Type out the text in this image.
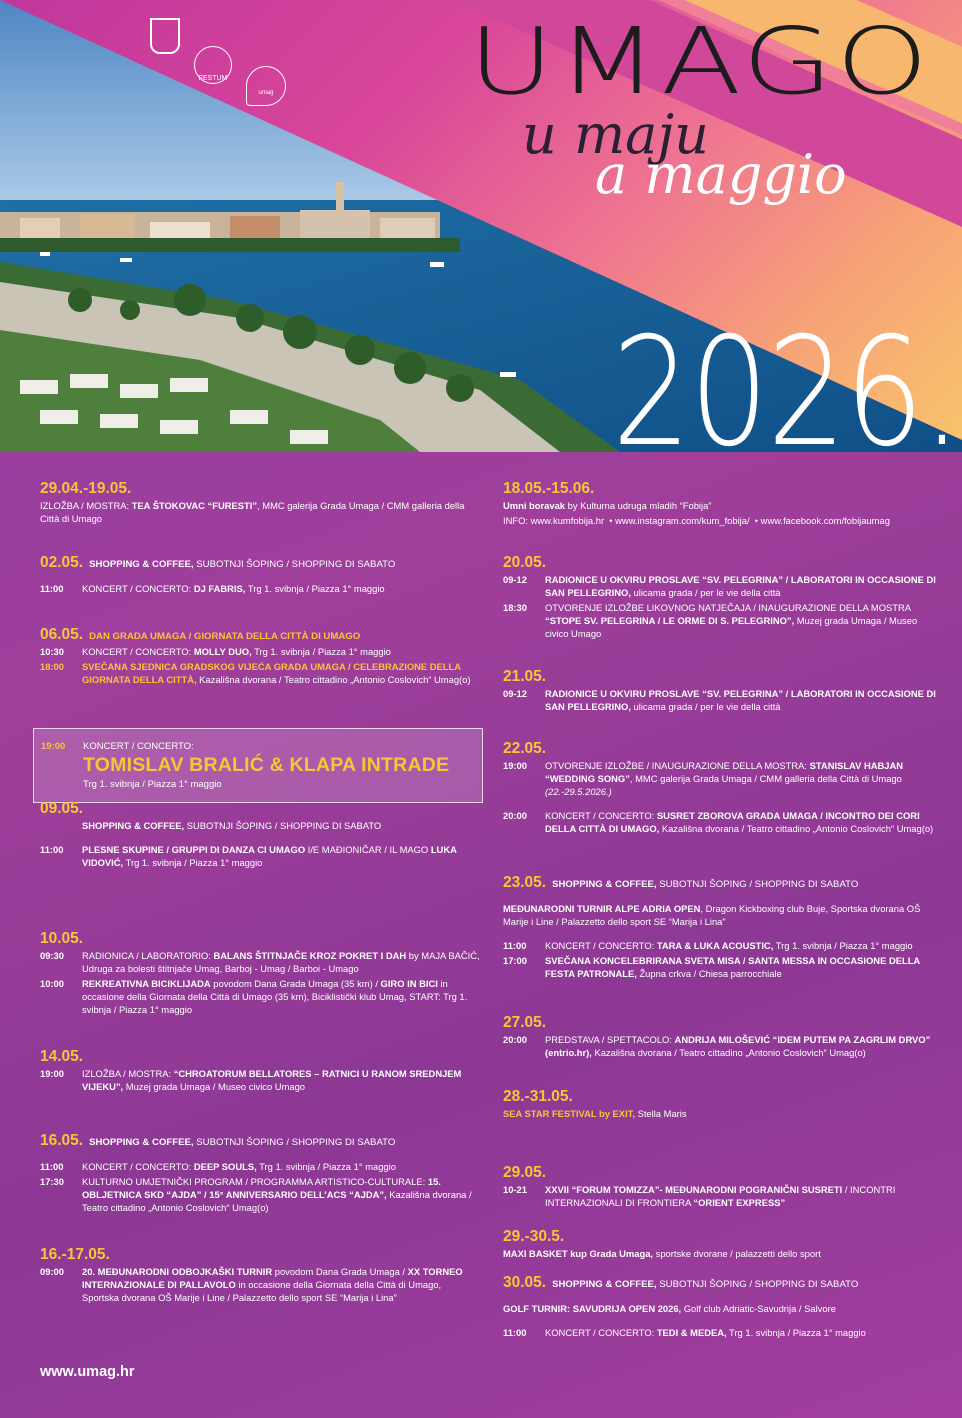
FESTUM
umag UMAGO
u maju
a maggio
2026.
19:00 KONCERT / CONCERTO:
TOMISLAV BRALIĆ & KLAPA INTRADE
Trg 1. svibnja / Piazza 1° maggio
29.04.-19.05.
IZLOŽBA / MOSTRA: TEA ŠTOKOVAC “FURESTI”, MMC galerija Grada Umaga / CMM galleria della Città di Umago
02.05. SHOPPING & COFFEE, SUBOTNJI ŠOPING / SHOPPING DI SABATO
11:00	KONCERT / CONCERTO: DJ FABRIS, Trg 1. svibnja / Piazza 1° maggio
06.05. DAN GRADA UMAGA / GIORNATA DELLA CITTÀ DI UMAGO
10:30	KONCERT / CONCERTO: MOLLY DUO, Trg 1. svibnja / Piazza 1° maggio
18:00	SVEČANA SJEDNICA GRADSKOG VIJEĆA GRADA UMAGA / CELEBRAZIONE DELLA GIORNATA DELLA CITTÀ, Kazališna dvorana / Teatro cittadino „Antonio Coslovich“ Umag(o)
09.05.
SHOPPING & COFFEE, SUBOTNJI ŠOPING / SHOPPING DI SABATO
11:00	PLESNE SKUPINE / GRUPPI DI DANZA CI UMAGO I/E MAĐIONIČAR / IL MAGO LUKA VIDOVIĆ, Trg 1. svibnja / Piazza 1° maggio
10.05.
09:30	RADIONICA / LABORATORIO: BALANS ŠTITNJAČE KROZ POKRET I DAH by MAJA BAČIĆ, Udruga za bolesti štitnjače Umag, Barboj - Umag / Barboi - Umago
10:00	REKREATIVNA BICIKLIJADA povodom Dana Grada Umaga (35 km) / GIRO IN BICI in occasione della Giornata della Città di Umago (35 km), Biciklistički klub Umag, START: Trg 1. svibnja / Piazza 1° maggio
14.05.
19:00	IZLOŽBA / MOSTRA: “CHROATORUM BELLATORES – RATNICI U RANOM SREDNJEM VIJEKU”, Muzej grada Umaga / Museo civico Umago
16.05. SHOPPING & COFFEE, SUBOTNJI ŠOPING / SHOPPING DI SABATO
11:00	KONCERT / CONCERTO: DEEP SOULS, Trg 1. svibnja / Piazza 1° maggio
17:30	KULTURNO UMJETNIČKI PROGRAM / PROGRAMMA ARTISTICO-CULTURALE: 15. OBLJETNICA SKD “AJDA” / 15° ANNIVERSARIO DELL’ACS “AJDA”, Kazališna dvorana / Teatro cittadino „Antonio Coslovich“ Umag(o)
16.-17.05.
09:00	20. MEĐUNARODNI ODBOJKAŠKI TURNIR povodom Dana Grada Umaga / XX TORNEO INTERNAZIONALE DI PALLAVOLO in occasione della Giornata della Città di Umago, Sportska dvorana OŠ Marije i Line / Palazzetto dello sport SE “Marija i Lina”
18.05.-15.06.
Umni boravak by Kulturna udruga mladih “Fobija”
INFO: www.kumfobija.hr  • www.instagram.com/kum_fobija/  • www.facebook.com/fobijaumag
20.05.
09-12	RADIONICE U OKVIRU PROSLAVE “SV. PELEGRINA” / LABORATORI IN OCCASIONE DI SAN PELLEGRINO, ulicama grada / per le vie della città
18:30	OTVORENJE IZLOŽBE LIKOVNOG NATJEČAJA / INAUGURAZIONE DELLA MOSTRA “STOPE SV. PELEGRINA / LE ORME DI S. PELEGRINO”, Muzej grada Umaga / Museo civico Umago
21.05.
09-12	RADIONICE U OKVIRU PROSLAVE “SV. PELEGRINA” / LABORATORI IN OCCASIONE DI SAN PELLEGRINO, ulicama grada / per le vie della città
22.05.
19:00	OTVORENJE IZLOŽBE / INAUGURAZIONE DELLA MOSTRA: STANISLAV HABJAN “WEDDING SONG”, MMC galerija Grada Umaga / CMM galleria della Città di Umago (22.-29.5.2026.)
20:00	KONCERT / CONCERTO: SUSRET ZBOROVA GRADA UMAGA / INCONTRO DEI CORI DELLA CITTÀ DI UMAGO, Kazališna dvorana / Teatro cittadino „Antonio Coslovich“ Umag(o)
23.05. SHOPPING & COFFEE, SUBOTNJI ŠOPING / SHOPPING DI SABATO
MEĐUNARODNI TURNIR ALPE ADRIA OPEN, Dragon Kickboxing club Buje, Sportska dvorana OŠ Marije i Line / Palazzetto dello sport SE “Marija i Lina”
11:00	KONCERT / CONCERTO: TARA & LUKA ACOUSTIC, Trg 1. svibnja / Piazza 1° maggio
17:00	SVEČANA KONCELEBRIRANA SVETA MISA / SANTA MESSA IN OCCASIONE DELLA FESTA PATRONALE, Župna crkva / Chiesa parrocchiale
27.05.
20:00	PREDSTAVA / SPETTACOLO: ANDRIJA MILOŠEVIĆ “IDEM PUTEM PA ZAGRLIM DRVO” (entrio.hr), Kazališna dvorana / Teatro cittadino „Antonio Coslovich“ Umag(o)
28.-31.05.
SEA STAR FESTIVAL by EXIT, Stella Maris
29.05.
10-21	XXVII “FORUM TOMIZZA”- MEĐUNARODNI POGRANIČNI SUSRETI / INCONTRI INTERNAZIONALI DI FRONTIERA “ORIENT EXPRESS”
29.-30.5.
MAXI BASKET kup Grada Umaga, sportske dvorane / palazzetti dello sport
30.05. SHOPPING & COFFEE, SUBOTNJI ŠOPING / SHOPPING DI SABATO
GOLF TURNIR: SAVUDRIJA OPEN 2026, Golf club Adriatic-Savudrija / Salvore
11:00	KONCERT / CONCERTO: TEDI & MEDEA, Trg 1. svibnja / Piazza 1° maggio
www.umag.hr
